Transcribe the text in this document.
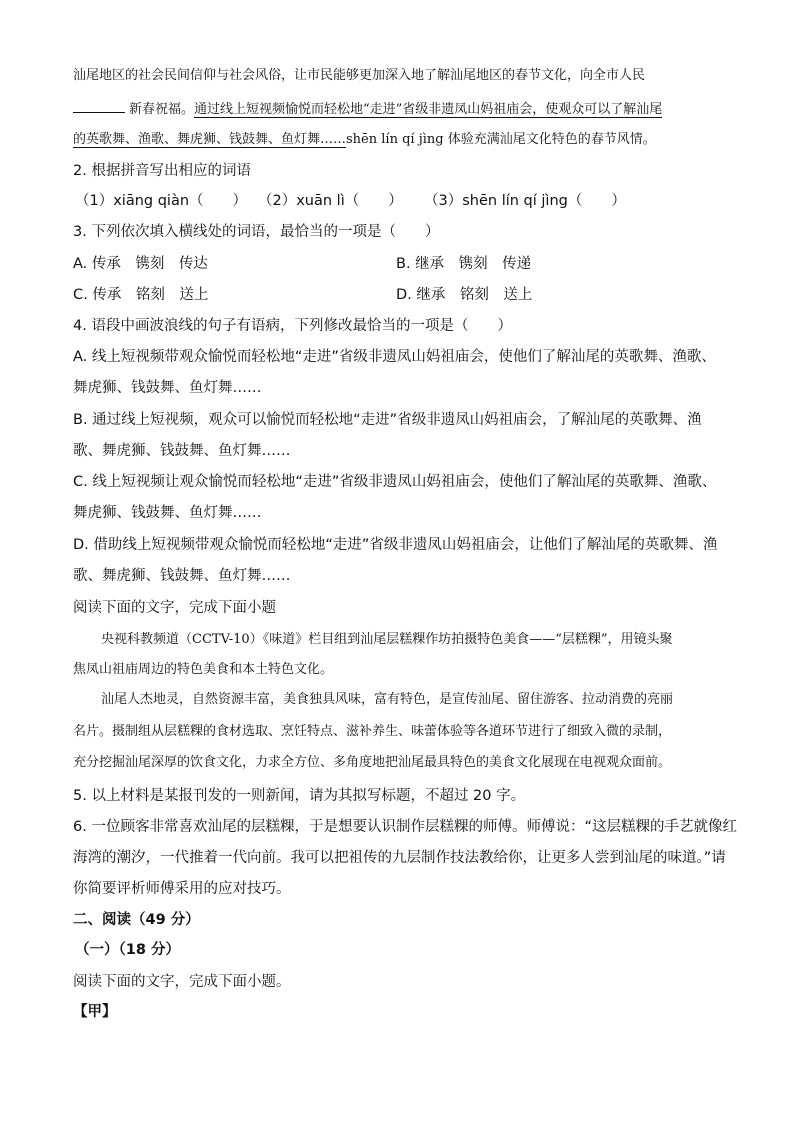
汕尾地区的社会民间信仰与社会风俗，让市民能够更加深入地了解汕尾地区的春节文化，向全市人民
新春祝福。通过线上短视频愉悦而轻松地“走进”省级非遗凤山妈祖庙会，使观众可以了解汕尾
的英歌舞、渔歌、舞虎狮、钱鼓舞、鱼灯舞……shēn lín qí jìng 体验充满汕尾文化特色的春节风情。
2. 根据拼音写出相应的词语
（1）xiāng qiàn（　　） （2）xuān lì（　　） （3）shēn lín qí jìng（　　）
3. 下列依次填入横线处的词语，最恰当的一项是（　　）
A. 传承　镌刻　传达	B. 继承　镌刻　传递
C. 传承　铭刻　送上	D. 继承　铭刻　送上
4. 语段中画波浪线的句子有语病，下列修改最恰当的一项是（　　）
A. 线上短视频带观众愉悦而轻松地“走进”省级非遗凤山妈祖庙会，使他们了解汕尾的英歌舞、渔歌、
舞虎狮、钱鼓舞、鱼灯舞……
B. 通过线上短视频，观众可以愉悦而轻松地“走进”省级非遗凤山妈祖庙会，了解汕尾的英歌舞、渔
歌、舞虎狮、钱鼓舞、鱼灯舞……
C. 线上短视频让观众愉悦而轻松地“走进”省级非遗凤山妈祖庙会，使他们了解汕尾的英歌舞、渔歌、
舞虎狮、钱鼓舞、鱼灯舞……
D. 借助线上短视频带观众愉悦而轻松地“走进”省级非遗凤山妈祖庙会，让他们了解汕尾的英歌舞、渔
歌、舞虎狮、钱鼓舞、鱼灯舞……
阅读下面的文字，完成下面小题
央视科教频道（CCTV-10）《味道》栏目组到汕尾层糕粿作坊拍摄特色美食——“层糕粿”，用镜头聚
焦凤山祖庙周边的特色美食和本土特色文化。
汕尾人杰地灵，自然资源丰富，美食独具风味，富有特色，是宣传汕尾、留住游客、拉动消费的亮丽
名片。摄制组从层糕粿的食材选取、烹饪特点、滋补养生、味蕾体验等各道环节进行了细致入微的录制，
充分挖掘汕尾深厚的饮食文化，力求全方位、多角度地把汕尾最具特色的美食文化展现在电视观众面前。
5. 以上材料是某报刊发的一则新闻，请为其拟写标题，不超过 20 字。
6. 一位顾客非常喜欢汕尾的层糕粿，于是想要认识制作层糕粿的师傅。师傅说：“这层糕粿的手艺就像红
海湾的潮汐，一代推着一代向前。我可以把祖传的九层制作技法教给你，让更多人尝到汕尾的味道。”请
你简要评析师傅采用的应对技巧。
二、阅读（49 分）
（一）（18 分）
阅读下面的文字，完成下面小题。
【甲】
